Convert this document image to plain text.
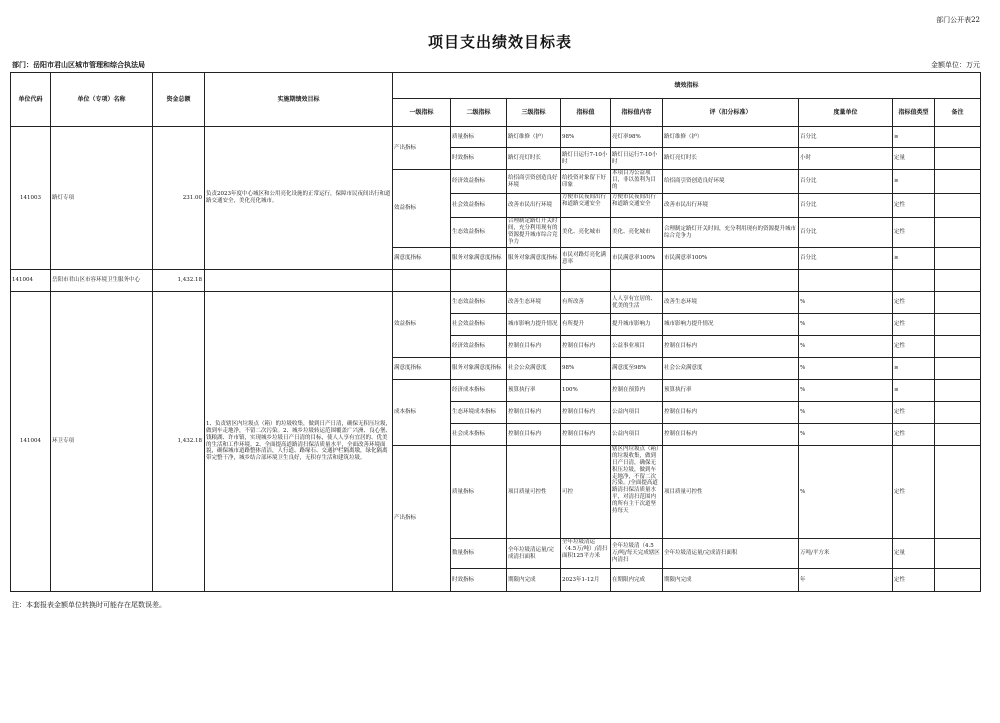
部门公开表22
项目支出绩效目标表
部门：岳阳市君山区城市管理和综合执法局	金额单位：万元
单位代码	单位（专项）名称	资金总额	实施期绩效目标	绩效指标								
				一级指标	二级指标	三级指标	指标值	指标值内容	评（扣分标准）	度量单位	指标值类型	备注
141003	路灯专项	231.00	负责2023年度中心城区和公用亮化设施的正常运行，保障市民夜间出行和道路交通安全，美化亮化城市。	产出指标	质量指标	路灯维修（护）	98%	亮灯率98%	路灯维修（护）	百分比	≥	
					时效指标	路灯亮灯时长	路灯日运行7-10小时	路灯日运行7-10小时	路灯亮灯时长	小时	定量	
				效益指标	经济效益指标	给招商引资创造良好环境	给投资对象留下好印象	本项目为公益项目，非以盈利为目的	给招商引资创造良好环境	百分比	≥	
					社会效益指标	改善市民出行环境	方便市民夜间出行和道路交通安全	方便市民夜间出行和道路交通安全	改善市民出行环境	百分比	定性	
					生态效益指标	合理制定路灯开关时间，充分利用现有的资源提升城市综合竞争力	美化、亮化城市	美化、亮化城市	合理制定路灯开关时间，充分利用现有的资源提升城市综合竞争力	百分比	定性	
				满意度指标	服务对象满意度指标	服务对象满意度指标	市民对路灯亮化满意率	市民满意率100%	市民满意率100%	百分比	≥	
141004	岳阳市君山区市容环境卫生服务中心	1,432.18										
141004	环卫专项	1,432.18	1、负责辖区内垃圾点（箱）的垃圾收集，做到日产日清，确保无积压垃圾，做到车走地净，不留二次污染。2、城乡垃圾转运范围覆盖广兴洲、良心堡、钱粮湖、许市镇，实现城乡垃圾日产日清的目标，使人人享有宜居的、优美的生活和工作环境。2、全面提高道路清扫保洁质量水平，全面改善环境面貌，确保城市道路整体清洁，人行道、路缘石、交通护栏隔离墩，绿化隔离带完整干净，城乡结合部环境卫生良好，无积存生活和建筑垃圾。	效益指标	生态效益指标	改善生态环境	有所改善	人人享有宜居的、优美的生活	改善生态环境	%	定性	
					社会效益指标	城市影响力提升情况	有所提升	提升城市影响力	城市影响力提升情况	%	定性	
					经济效益指标	控制在目标内	控制在目标内	公益事业项目	控制在目标内	%	定性	
				满意度指标	服务对象满意度指标	社会公众满意度	98%	满意度至98%	社会公众满意度	%	≥	
				成本指标	经济成本指标	预算执行率	100%	控制在预算内	预算执行率	%	≤	
					生态环境成本指标	控制在目标内	控制在目标内	公益内项目	控制在目标内	%	定性	
					社会成本指标	控制在目标内	控制在目标内	公益内项目	控制在目标内	%	定性	
				产出指标	质量指标	项目质量可控性	可控	辖区内垃圾点（箱）的垃圾收集，做到日产日清，确保无积压垃圾，做到车走地净，不留二次污染。/全面提高道路清扫保洁质量水平，对清扫范围内的所有主干次道坚持每天	项目质量可控性	%	定性	
					数量指标	全年垃圾清运量/完成清扫面积	全年垃圾清运（4.5万/吨）/清扫面积125平方米	全年垃圾清（4.5万/吨/每天完成辖区内清扫	全年垃圾清运量/完成清扫面积	万吨/平方米	定量	
					时效指标	期限内完成	2023年1-12月	在期限内完成	期限内完成	年	定性	
注：本套报表金额单位转换时可能存在尾数误差。
